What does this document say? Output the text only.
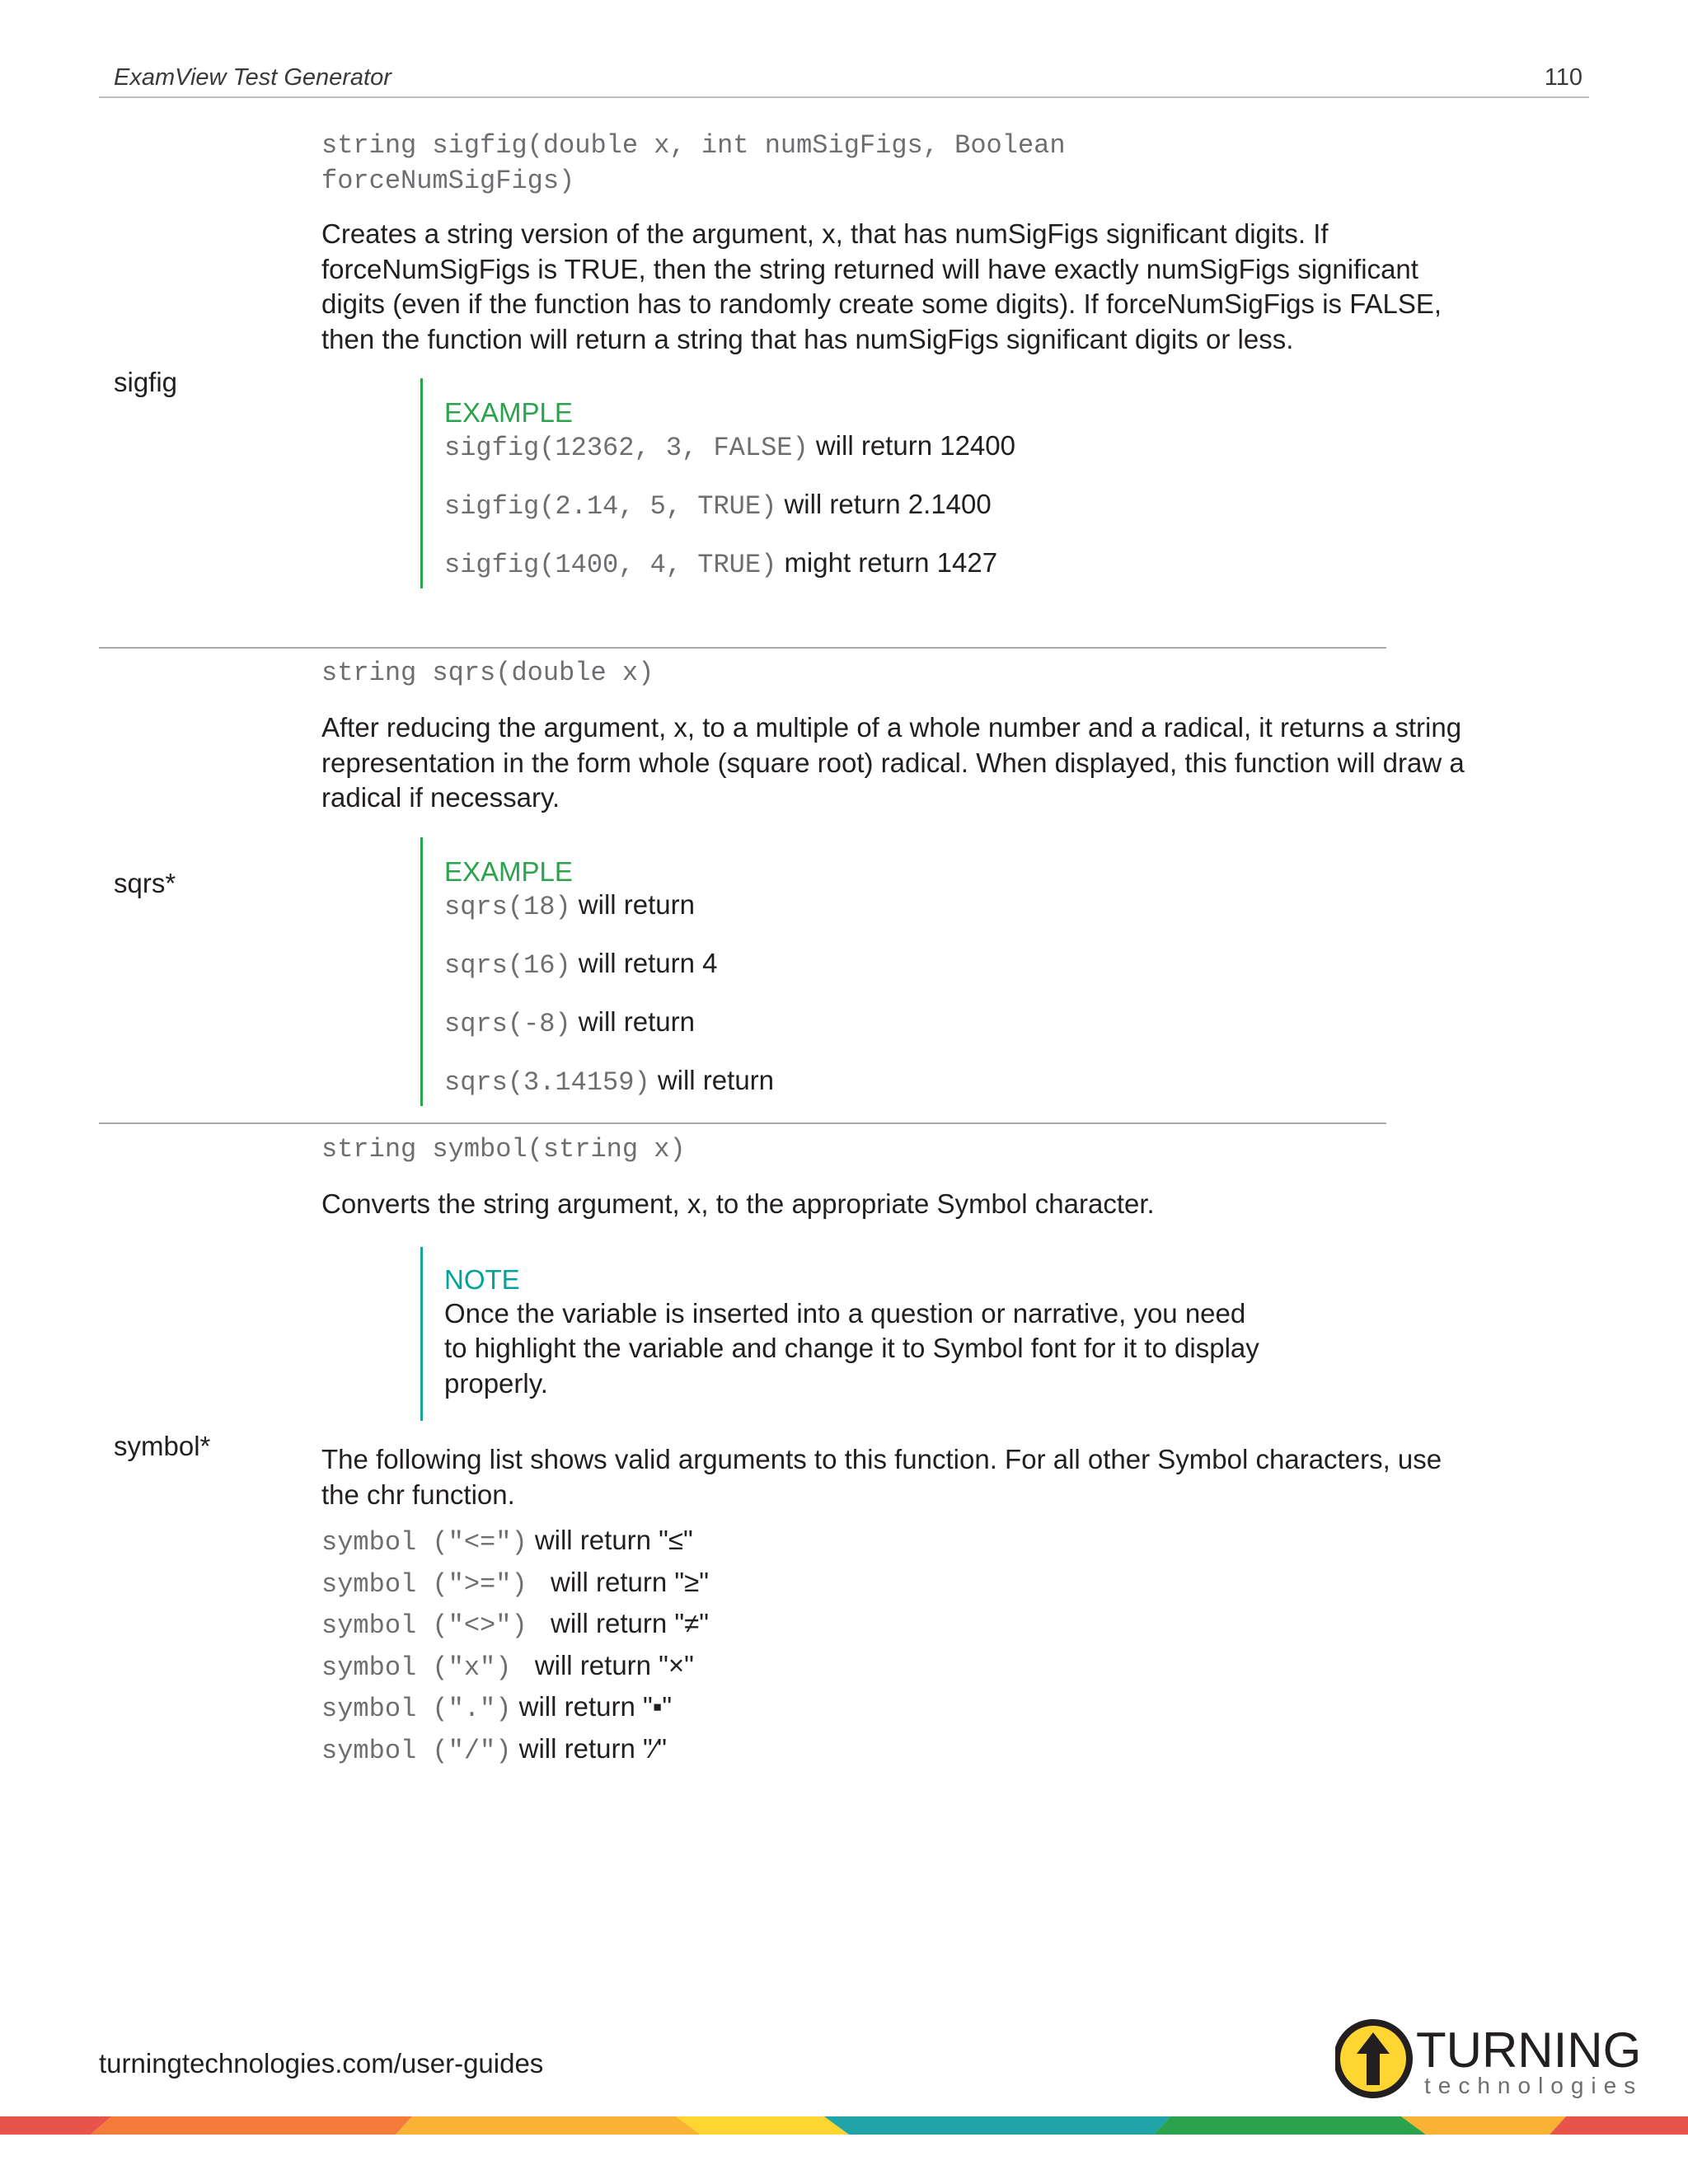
ExamView Test Generator	110
sigfig
string sigfig(double x, int numSigFigs, Boolean
forceNumSigFigs)

Creates a string version of the argument, x, that has numSigFigs significant digits. If forceNumSigFigs is TRUE, then the string returned will have exactly numSigFigs significant digits (even if the function has to randomly create some digits). If forceNumSigFigs is FALSE, then the function will return a string that has numSigFigs significant digits or less.

EXAMPLE

sigfig(12362, 3, FALSE) will return 12400

sigfig(2.14, 5, TRUE) will return 2.1400

sigfig(1400, 4, TRUE) might return 1427

sqrs*
string sqrs(double x)

After reducing the argument, x, to a multiple of a whole number and a radical, it returns a string representation in the form whole (square root) radical. When displayed, this function will draw a radical if necessary.

EXAMPLE

sqrs(18) will return

sqrs(16) will return 4

sqrs(-8) will return

sqrs(3.14159) will return

symbol*
string symbol(string x)

Converts the string argument, x, to the appropriate Symbol character.

NOTE

Once the variable is inserted into a question or narrative, you need to highlight the variable and change it to Symbol font for it to display properly.

The following list shows valid arguments to this function. For all other Symbol characters, use the chr function.

symbol ("<=") will return "≤"

symbol (">=")  will return "≥"

symbol ("<>")  will return "≠"

symbol ("x")  will return "×"

symbol (".") will return "▪"

symbol ("/") will return "⁄"

turningtechnologies.com/user-guides	TURNING
technologies
